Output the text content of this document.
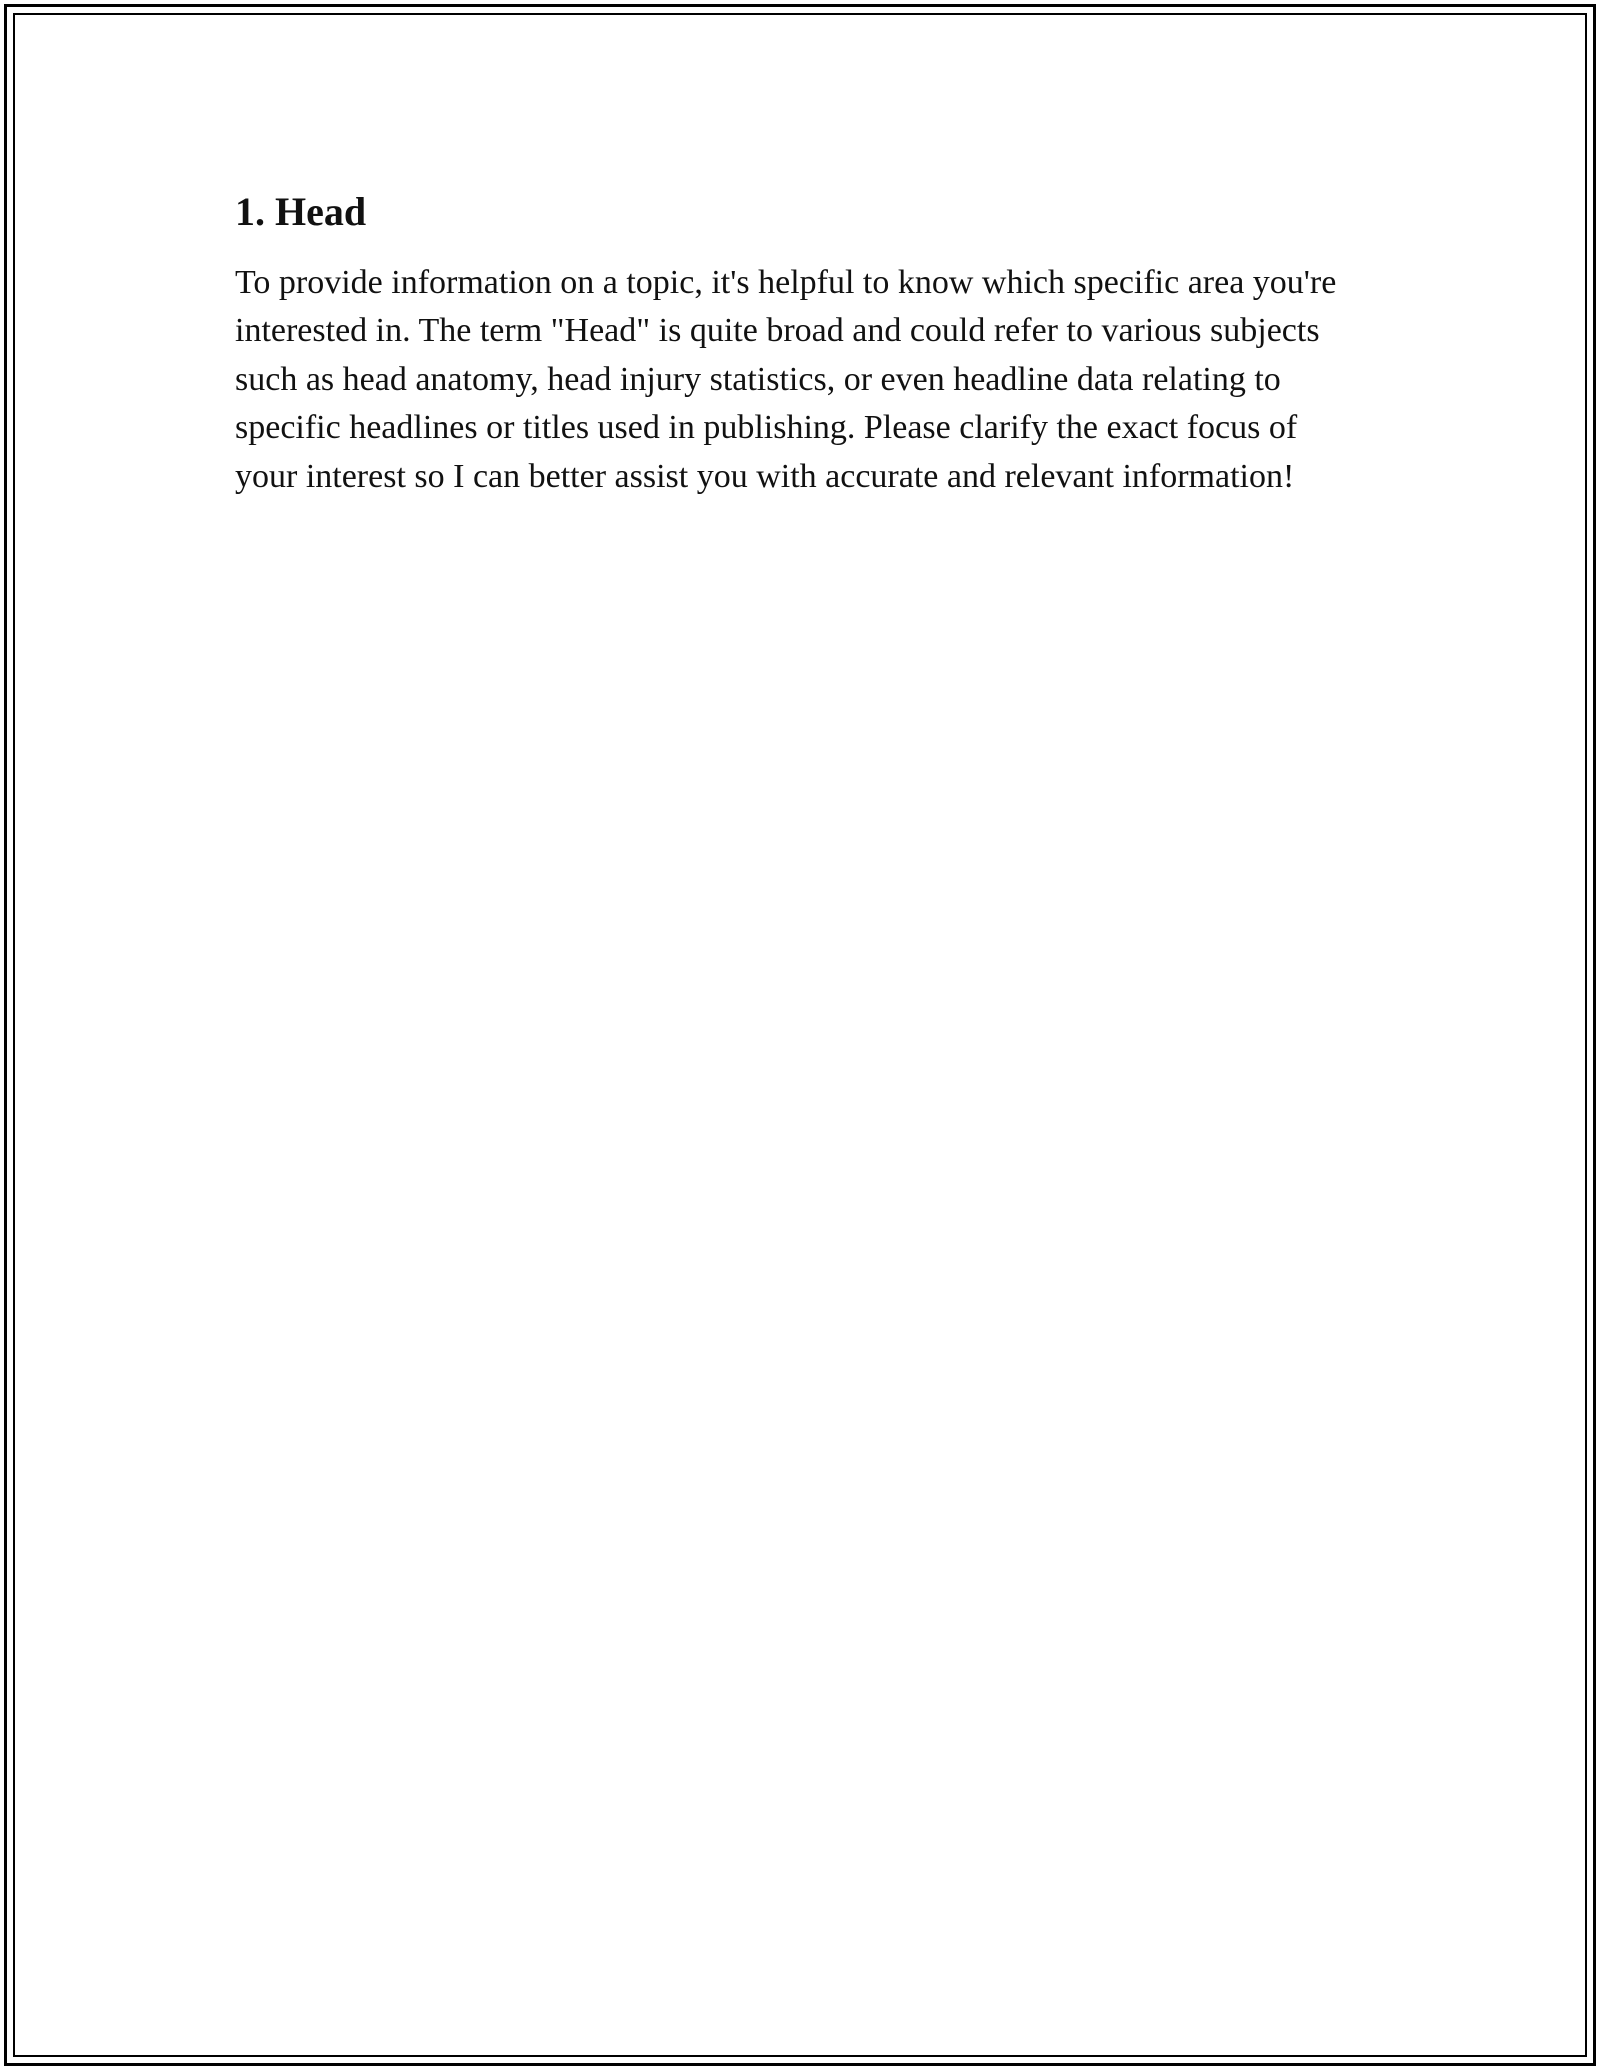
1. Head

To provide information on a topic, it's helpful to know which specific area you're interested in. The term "Head" is quite broad and could refer to various subjects such as head anatomy, head injury statistics, or even headline data relating to specific headlines or titles used in publishing. Please clarify the exact focus of your interest so I can better assist you with accurate and relevant information!
